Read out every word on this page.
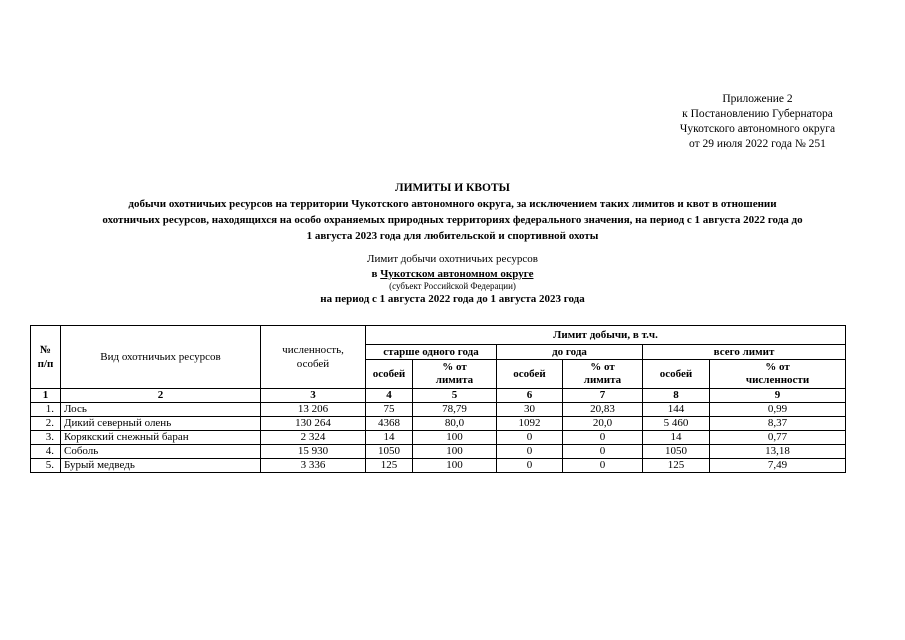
Приложение 2
к Постановлению Губернатора
Чукотского автономного округа
от 29 июля 2022 года № 251
ЛИМИТЫ И КВОТЫ
добычи охотничьих ресурсов на территории Чукотского автономного округа, за исключением таких лимитов и квот в отношении
охотничьих ресурсов, находящихся на особо охраняемых природных территориях федерального значения, на период с 1 августа 2022 года до
1 августа 2023 года для любительской и спортивной охоты
Лимит добычи охотничьих ресурсов
в Чукотском автономном округе
(субъект Российской Федерации)
на период с 1 августа 2022 года до 1 августа 2023 года
№ п/п	Вид охотничьих ресурсов	численность, особей	Лимит добычи, в т.ч.					
			старше одного года		до года		всего лимит	
			особей	% от лимита	особей	% от лимита	особей	% от численности
1	2	3	4	5	6	7	8	9
1.	Лось	13 206	75	78,79	30	20,83	144	0,99
2.	Дикий северный олень	130 264	4368	80,0	1092	20,0	5 460	8,37
3.	Корякский снежный баран	2 324	14	100	0	0	14	0,77
4.	Соболь	15 930	1050	100	0	0	1050	13,18
5.	Бурый медведь	3 336	125	100	0	0	125	7,49
